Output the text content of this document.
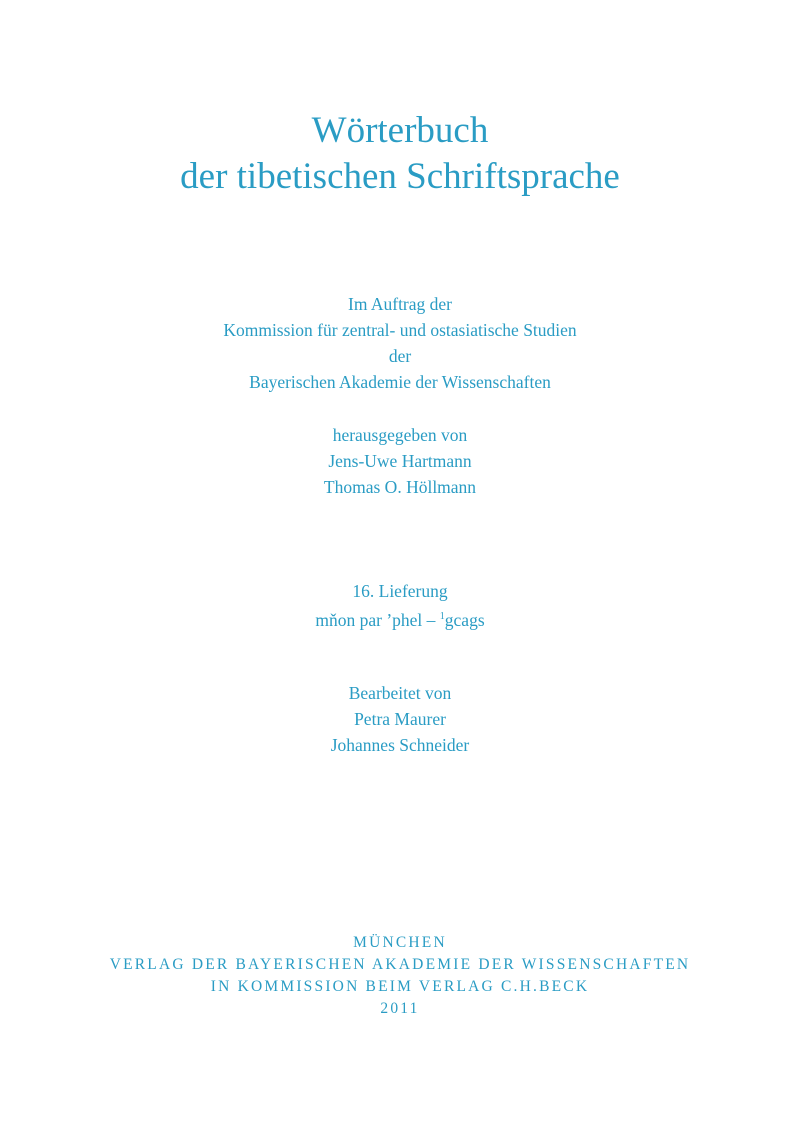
Wörterbuch
der tibetischen Schriftsprache
Im Auftrag der
Kommission für zentral- und ostasiatische Studien
der
Bayerischen Akademie der Wissenschaften
herausgegeben von
Jens-Uwe Hartmann
Thomas O. Höllmann
16. Lieferung
mňon par ’phel – $^1$gcags
Bearbeitet von
Petra Maurer
Johannes Schneider
MÜNCHEN
VERLAG DER BAYERISCHEN AKADEMIE DER WISSENSCHAFTEN
IN KOMMISSION BEIM VERLAG C.H.BECK
2011
